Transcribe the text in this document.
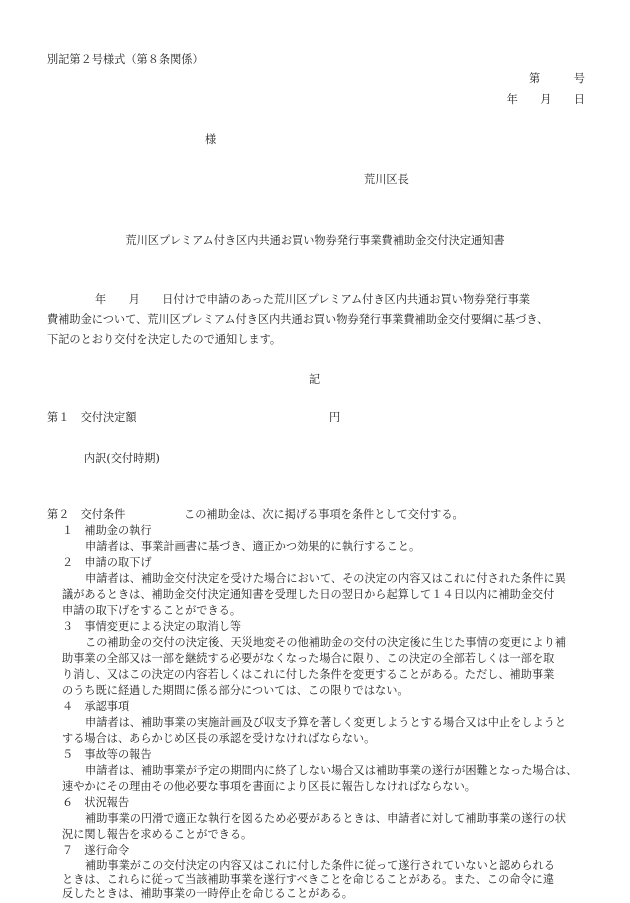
別記第２号様式（第８条関係）
第　　　号
年　　月　　日
様
荒川区長
荒川区プレミアム付き区内共通お買い物券発行事業費補助金交付決定通知書
年　　月　　日付けで申請のあった荒川区プレミアム付き区内共通お買い物券発行事業
費補助金について、荒川区プレミアム付き区内共通お買い物券発行事業費補助金交付要綱に基づき、
下記のとおり交付を決定したので通知します。
記
第１　交付決定額	円
内訳(交付時期)
第２　交付条件	この補助金は、次に掲げる事項を条件として交付する。
１　補助金の執行
申請者は、事業計画書に基づき、適正かつ効果的に執行すること。
２　申請の取下げ
申請者は、補助金交付決定を受けた場合において、その決定の内容又はこれに付された条件に異
議があるときは、補助金交付決定通知書を受理した日の翌日から起算して１４日以内に補助金交付
申請の取下げをすることができる。
３　事情変更による決定の取消し等
この補助金の交付の決定後、天災地変その他補助金の交付の決定後に生じた事情の変更により補
助事業の全部又は一部を継続する必要がなくなった場合に限り、この決定の全部若しくは一部を取
り消し、又はこの決定の内容若しくはこれに付した条件を変更することがある。ただし、補助事業
のうち既に経過した期間に係る部分については、この限りではない。
４　承認事項
申請者は、補助事業の実施計画及び収支予算を著しく変更しようとする場合又は中止をしようと
する場合は、あらかじめ区長の承認を受けなければならない。
５　事故等の報告
申請者は、補助事業が予定の期間内に終了しない場合又は補助事業の遂行が困難となった場合は、
速やかにその理由その他必要な事項を書面により区長に報告しなければならない。
６　状況報告
補助事業の円滑で適正な執行を図るため必要があるときは、申請者に対して補助事業の遂行の状
況に関し報告を求めることができる。
７　遂行命令
補助事業がこの交付決定の内容又はこれに付した条件に従って遂行されていないと認められる
ときは、これらに従って当該補助事業を遂行すべきことを命じることがある。また、この命令に違
反したときは、補助事業の一時停止を命じることがある。
